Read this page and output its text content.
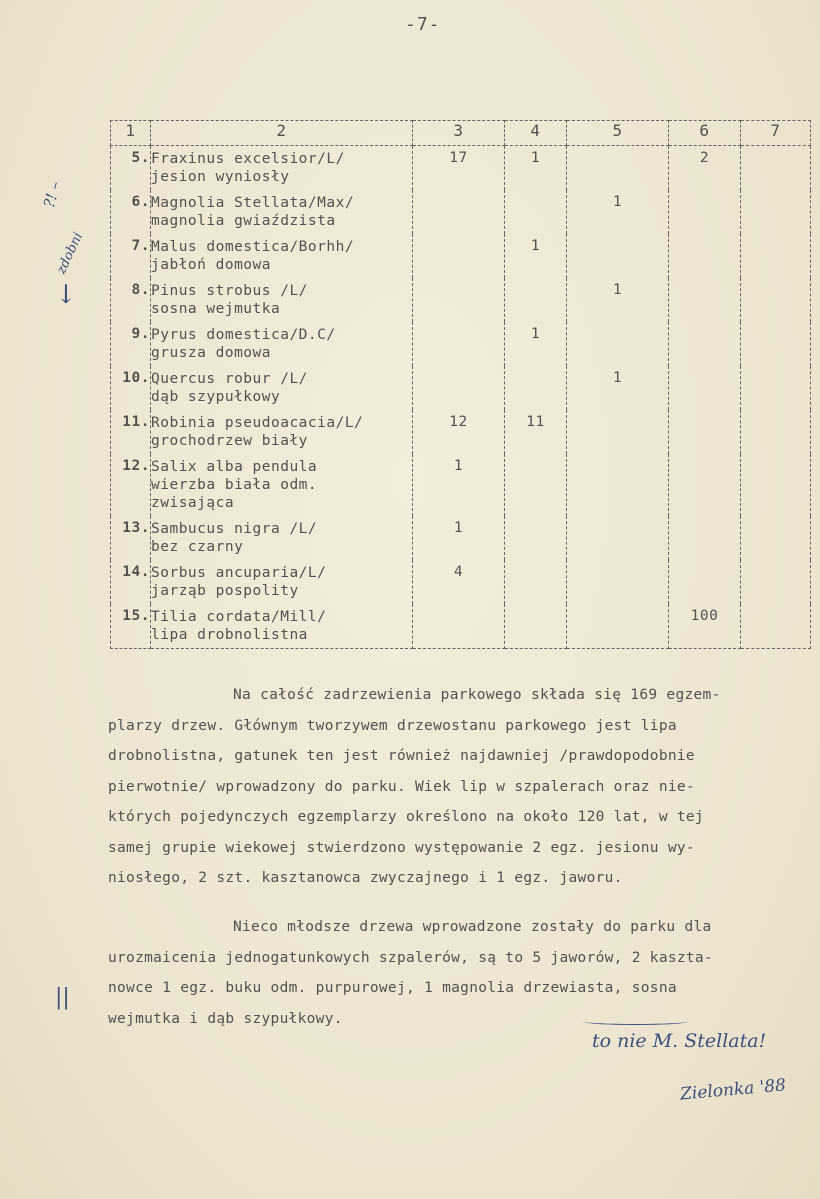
-7-
1	2	3	4	5	6	7
5.	Fraxinus excelsior/L/
jesion wyniosły	17	1		2	
6.	Magnolia Stellata/Max/
magnolia gwiaździsta			1		
7.	Malus domestica/Borhh/
jabłoń domowa		1			
8.	Pinus strobus /L/
sosna wejmutka			1		
9.	Pyrus domestica/D.C/
grusza domowa		1			
10.	Quercus robur /L/
dąb szypułkowy			1		
11.	Robinia pseudoacacia/L/
grochodrzew biały	12	11			
12.	Salix alba pendula
wierzba biała odm.
zwisająca	1				
13.	Sambucus nigra /L/
bez czarny	1				
14.	Sorbus ancuparia/L/
jarząb pospolity	4				
15.	Tilia cordata/Mill/
lipa drobnolistna				100	
Na całość zadrzewienia parkowego składa się 169 egzem-
plarzy drzew. Głównym tworzywem drzewostanu parkowego jest lipa
drobnolistna, gatunek ten jest również najdawniej /prawdopodobnie
pierwotnie/ wprowadzony do parku. Wiek lip w szpalerach oraz nie-
których pojedynczych egzemplarzy określono na około 120 lat, w tej
samej grupie wiekowej stwierdzono występowanie 2 egz. jesionu wy-
niosłego, 2 szt. kasztanowca zwyczajnego i 1 egz. jaworu.
Nieco młodsze drzewa wprowadzone zostały do parku dla
urozmaicenia jednogatunkowych szpalerów, są to 5 jaworów, 2 kaszta-
nowce 1 egz. buku odm. purpurowej, 1 magnolia drzewiasta, sosna
wejmutka i dąb szypułkowy.
?! –
zdobni
↓
||
to nie M. Stellata!
Zielonka '88
